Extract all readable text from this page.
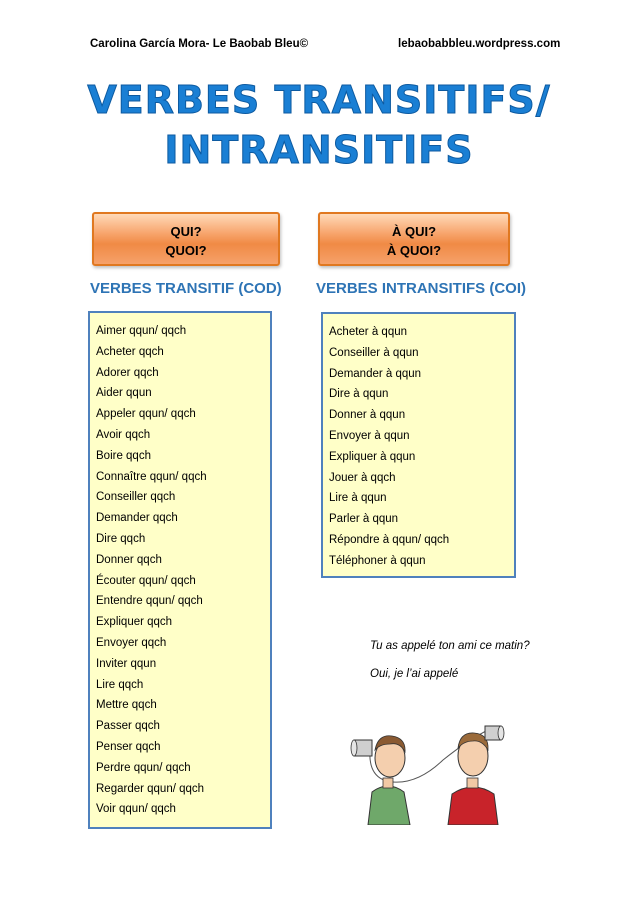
Carolina García Mora- Le Baobab Bleu©	lebaobabbleu.wordpress.com
VERBES TRANSITIFS/
INTRANSITIFS
QUI?
QUOI?
À QUI?
À QUOI?
VERBES TRANSITIF (COD) VERBES INTRANSITIFS (COI)
Aimer qqun/ qqch
Acheter qqch
Adorer qqch
Aider qqun
Appeler qqun/ qqch
Avoir qqch
Boire qqch
Connaître qqun/ qqch
Conseiller qqch
Demander qqch
Dire qqch
Donner qqch
Écouter qqun/ qqch
Entendre qqun/ qqch
Expliquer qqch
Envoyer qqch
Inviter qqun
Lire qqch
Mettre qqch
Passer qqch
Penser qqch
Perdre qqun/ qqch
Regarder qqun/ qqch
Voir qqun/ qqch
Acheter à qqun
Conseiller à qqun
Demander à qqun
Dire à qqun
Donner à qqun
Envoyer à qqun
Expliquer à qqun
Jouer à qqch
Lire à qqun
Parler à qqun
Répondre à qqun/ qqch
Téléphoner à qqun
Tu as appelé ton ami ce matin?
Oui, je l’ai appelé
